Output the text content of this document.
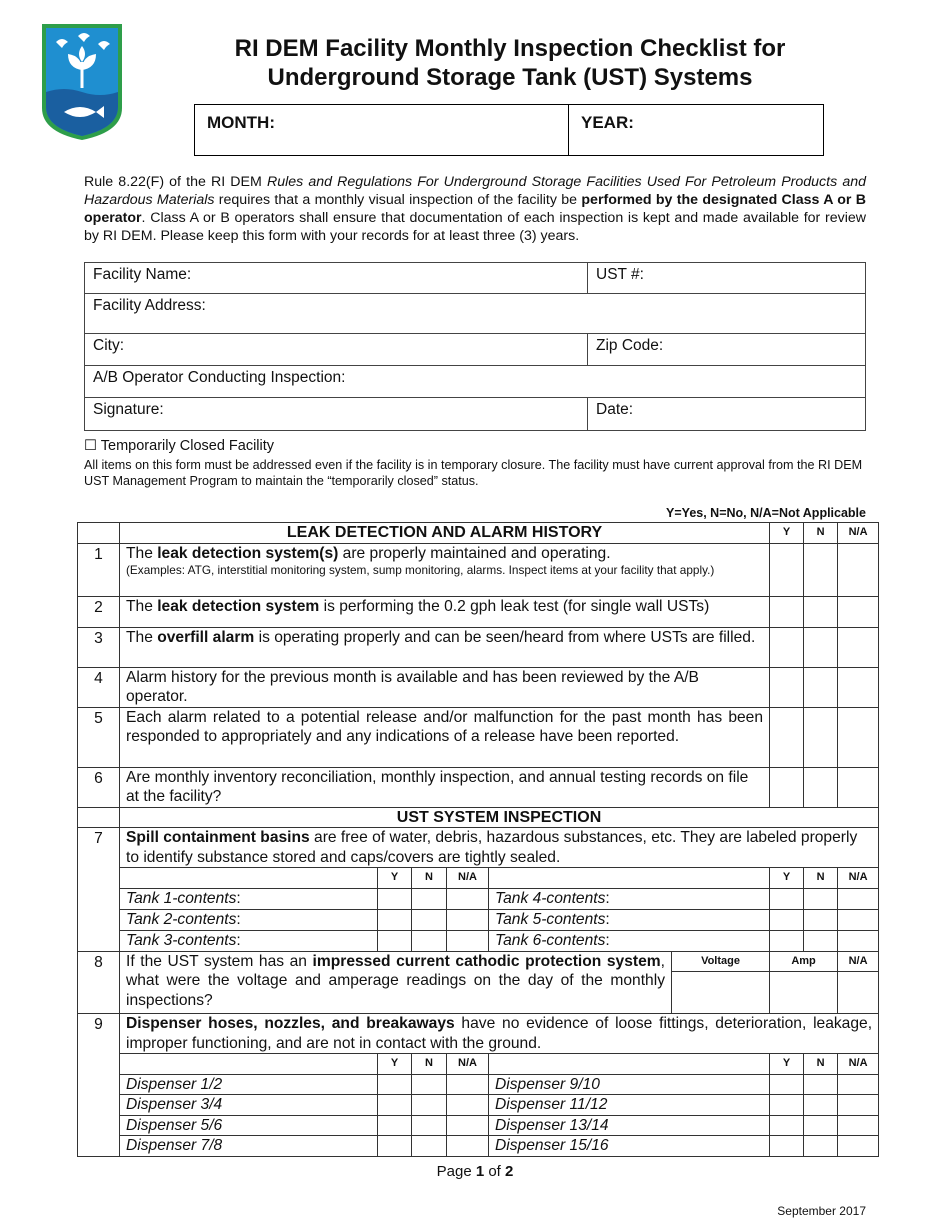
RI DEM Facility Monthly Inspection Checklist for
Underground Storage Tank (UST) Systems
MONTH:	YEAR:
Rule 8.22(F) of the RI DEM Rules and Regulations For Underground Storage Facilities Used For Petroleum Products and Hazardous Materials requires that a monthly visual inspection of the facility be performed by the designated Class A or B operator. Class A or B operators shall ensure that documentation of each inspection is kept and made available for review by RI DEM. Please keep this form with your records for at least three (3) years.
Facility Name:	UST #:
Facility Address:	
City:	Zip Code:
A/B Operator Conducting Inspection:	
Signature:	Date:
☐ Temporarily Closed Facility
All items on this form must be addressed even if the facility is in temporary closure. The facility must have current approval from the RI DEM UST Management Program to maintain the “temporarily closed” status.
Y=Yes, N=No, N/A=Not Applicable
	LEAK DETECTION AND ALARM HISTORY						Y	N	N/A
1	The leak detection system(s) are properly maintained and operating.
(Examples: ATG, interstitial monitoring system, sump monitoring, alarms. Inspect items at your facility that apply.)								

2	The leak detection system is performing the 0.2 gph leak test (for single wall USTs)								
3	The overfill alarm is operating properly and can be seen/heard from where USTs are filled.								
4	Alarm history for the previous month is available and has been reviewed by the A/B operator.								
5	Each alarm related to a potential release and/or malfunction for the past month has been responded to appropriately and any indications of a release have been reported.								
6	Are monthly inventory reconciliation, monthly inspection, and annual testing records on file at the facility?								
	UST SYSTEM INSPECTION								
7	Spill containment basins are free of water, debris, hazardous substances, etc. They are labeled properly to identify substance stored and caps/covers are tightly sealed.								
		Y	N	N/A			Y	N	N/A
	Tank 1-contents:				Tank 4-contents:				
	Tank 2-contents:				Tank 5-contents:				
	Tank 3-contents:				Tank 6-contents:				
8	If the UST system has an impressed current cathodic protection system, what were the voltage and amperage readings on the day of the monthly inspections?					Voltage	Amp		N/A

9	Dispenser hoses, nozzles, and breakaways have no evidence of loose fittings, deterioration, leakage, improper functioning, and are not in contact with the ground.								
		Y	N	N/A			Y	N	N/A
	Dispenser 1/2				Dispenser 9/10				
	Dispenser 3/4				Dispenser 11/12				
	Dispenser 5/6				Dispenser 13/14				
	Dispenser 7/8				Dispenser 15/16				
Page 1 of 2
September 2017
